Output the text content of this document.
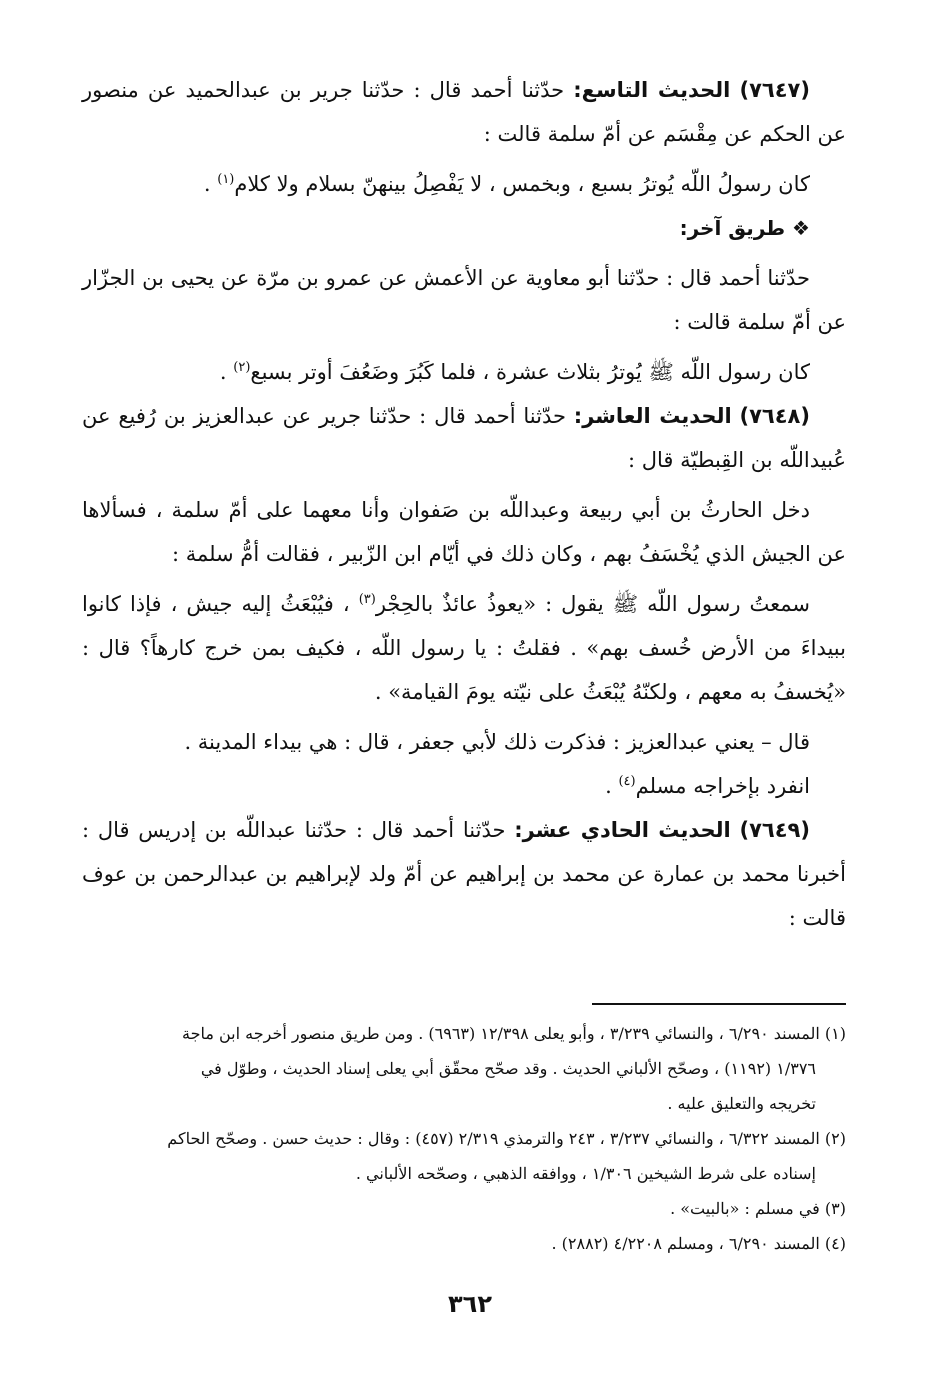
(٧٦٤٧) الحديث التاسع: حدّثنا أحمد قال : حدّثنا جرير بن عبدالحميد عن منصور عن الحكم عن مِقْسَم عن أمّ سلمة قالت :

كان رسولُ اللّه يُوترُ بسبع ، وبخمس ، لا يَفْصِلُ بينهنّ بسلام ولا كلام$^{(١)}$ .

❖ طريق آخر:

حدّثنا أحمد قال : حدّثنا أبو معاوية عن الأعمش عن عمرو بن مرّة عن يحيى بن الجزّار عن أمّ سلمة قالت :

كان رسول اللّه ﷺ يُوترُ بثلاث عشرة ، فلما كَبُرَ وضَعُفَ أوتر بسبع$^{(٢)}$ .

(٧٦٤٨) الحديث العاشر: حدّثنا أحمد قال : حدّثنا جرير عن عبدالعزيز بن رُفيع عن عُبيداللّه بن القِبطيّة قال :

دخل الحارثُ بن أبي ربيعة وعبداللّه بن صَفوان وأنا معهما على أمّ سلمة ، فسألاها عن الجيش الذي يُخْسَفُ بهم ، وكان ذلك في أيّام ابن الزّبير ، فقالت أمُّ سلمة :

سمعتُ رسول اللّه ﷺ يقول : «يعوذُ عائذٌ بالحِجْر$^{(٣)}$ ، فيُبْعَثُ إليه جيش ، فإذا كانوا ببيداءَ من الأرض خُسف بهم» . فقلتُ : يا رسول اللّه ، فكيف بمن خرج كارهاً؟ قال : «يُخسفُ به معهم ، ولكنّهُ يُبْعَثُ على نيّته يومَ القيامة» .

قال – يعني عبدالعزيز : فذكرت ذلك لأبي جعفر ، قال : هي بيداء المدينة .

انفرد بإخراجه مسلم$^{(٤)}$ .

(٧٦٤٩) الحديث الحادي عشر: حدّثنا أحمد قال : حدّثنا عبداللّه بن إدريس قال : أخبرنا محمد بن عمارة عن محمد بن إبراهيم عن أمّ ولد لإبراهيم بن عبدالرحمن بن عوف قالت :

(١) المسند ٦/٢٩٠ ، والنسائي ٣/٢٣٩ ، وأبو يعلى ١٢/٣٩٨ (٦٩٦٣) . ومن طريق منصور أخرجه ابن ماجة

١/٣٧٦ (١١٩٢) ، وصحّح الألباني الحديث . وقد صحّح محقّق أبي يعلى إسناد الحديث ، وطوّل في

تخريجه والتعليق عليه .

(٢) المسند ٦/٣٢٢ ، والنسائي ٣/٢٣٧ ، ٢٤٣ والترمذي ٢/٣١٩ (٤٥٧) : وقال : حديث حسن . وصحّح الحاكم

إسناده على شرط الشيخين ١/٣٠٦ ، ووافقه الذهبي ، وصحّحه الألباني .

(٣) في مسلم : «بالبيت» .

(٤) المسند ٦/٢٩٠ ، ومسلم ٤/٢٢٠٨ (٢٨٨٢) .

٣٦٢
